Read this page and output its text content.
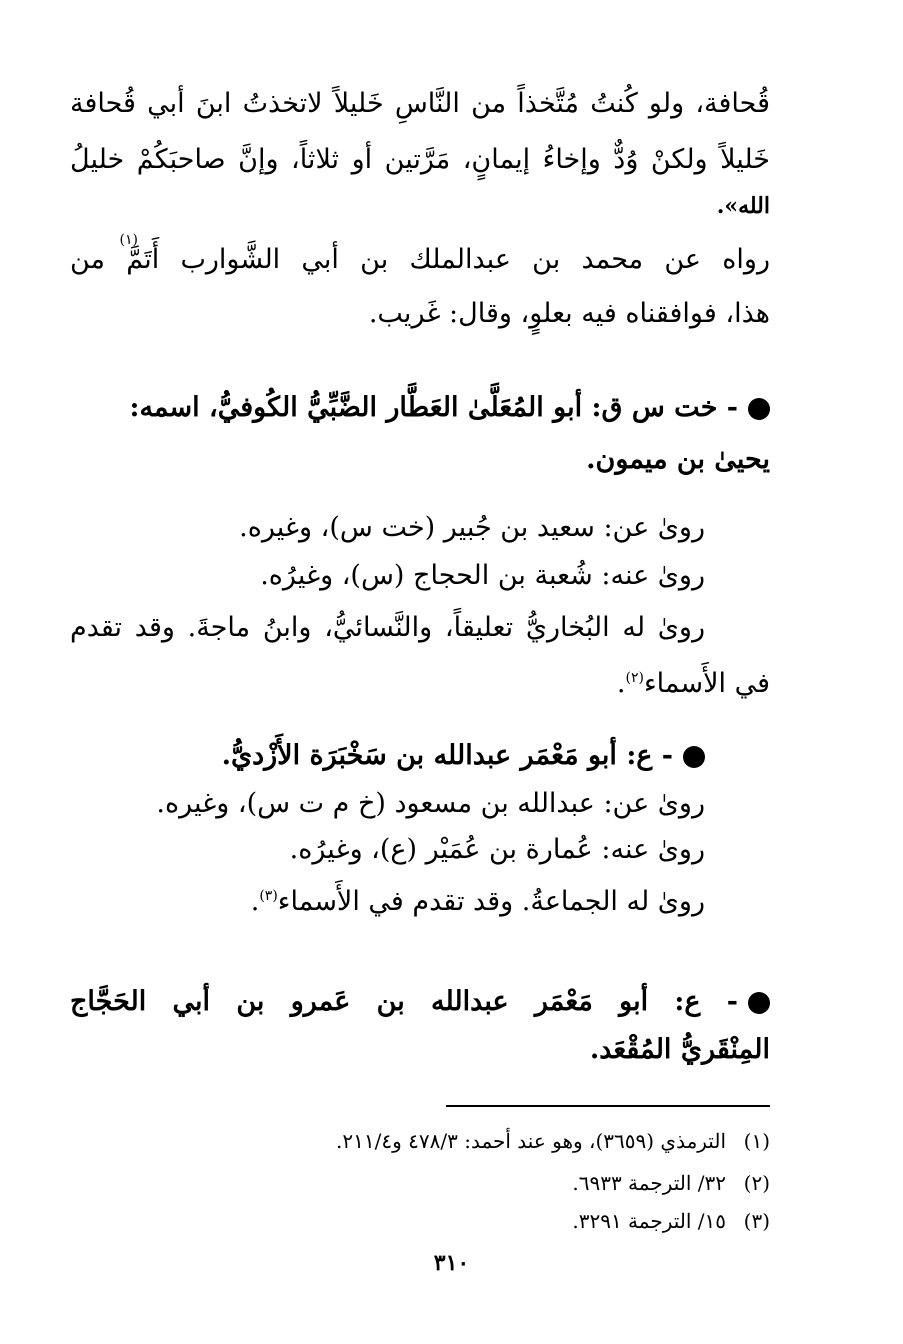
قُحافة، ولو كُنتُ مُتَّخذاً من النَّاسِ خَليلاً لاتخذتُ ابنَ أبي قُحافة
خَليلاً ولكنْ وُدٌّ وإخاءُ إيمانٍ، مَرَّتين أو ثلاثاً، وإنَّ صاحبَكُمْ خليلُ
الله».
رواه عن محمد بن عبدالملك بن أبي الشَّوارب أَتَمَّ من
(١)
هذا، فوافقناه فيه بعلوٍ، وقال: غَريب.
- خت س ق: أبو المُعَلَّىٰ العَطَّار الضَّبِّيُّ الكُوفيُّ، اسمه:
يحيىٰ بن ميمون.
روىٰ عن: سعيد بن جُبير (خت س)، وغيره.
روىٰ عنه: شُعبة بن الحجاج (س)، وغيرُه.
روىٰ له البُخاريُّ تعليقاً، والنَّسائيُّ، وابنُ ماجةَ. وقد تقدم
في الأَسماء$^{(٢)}$.
- ع: أبو مَعْمَر عبدالله بن سَخْبَرَة الأَزْديُّ.
روىٰ عن: عبدالله بن مسعود (خ م ت س)، وغيره.
روىٰ عنه: عُمارة بن عُمَيْر (ع)، وغيرُه.
روىٰ له الجماعةُ. وقد تقدم في الأَسماء$^{(٣)}$.
- ع: أبو مَعْمَر عبدالله بن عَمرو بن أبي الحَجَّاج
المِنْقَريُّ المُقْعَد.
(١)الترمذي (٣٦٥٩)، وهو عند أحمد: ٤٧٨/٣ و٢١١/٤.
(٢)٣٢/ الترجمة ٦٩٣٣.
(٣)١٥/ الترجمة ٣٢٩١.
٣١٠
